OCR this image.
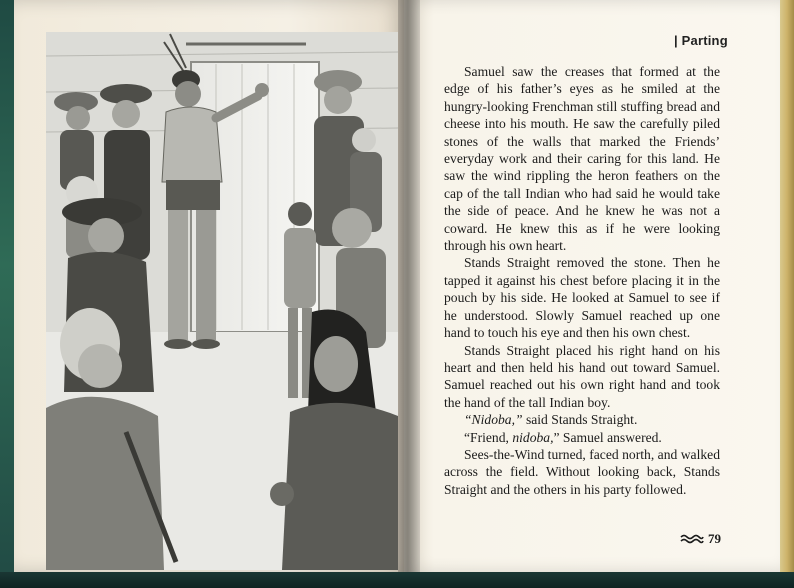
| Parting

Samuel saw the creases that formed at the edge of his father’s eyes as he smiled at the hungry-looking Frenchman still stuffing bread and cheese into his mouth. He saw the carefully piled stones of the walls that marked the Friends’ everyday work and their caring for this land. He saw the wind rippling the heron feathers on the cap of the tall Indian who had said he would take the side of peace. And he knew he was not a coward. He knew this as if he were looking through his own heart.

Stands Straight removed the stone. Then he tapped it against his chest before placing it in the pouch by his side. He looked at Samuel to see if he understood. Slowly Samuel reached up one hand to touch his eye and then his own chest.

Stands Straight placed his right hand on his heart and then held his hand out toward Samuel. Samuel reached out his own right hand and took the hand of the tall Indian boy.

“Nidoba,” said Stands Straight.

“Friend, nidoba,” Samuel answered.

Sees-the-Wind turned, faced north, and walked across the field. Without looking back, Stands Straight and the others in his party followed.

79
